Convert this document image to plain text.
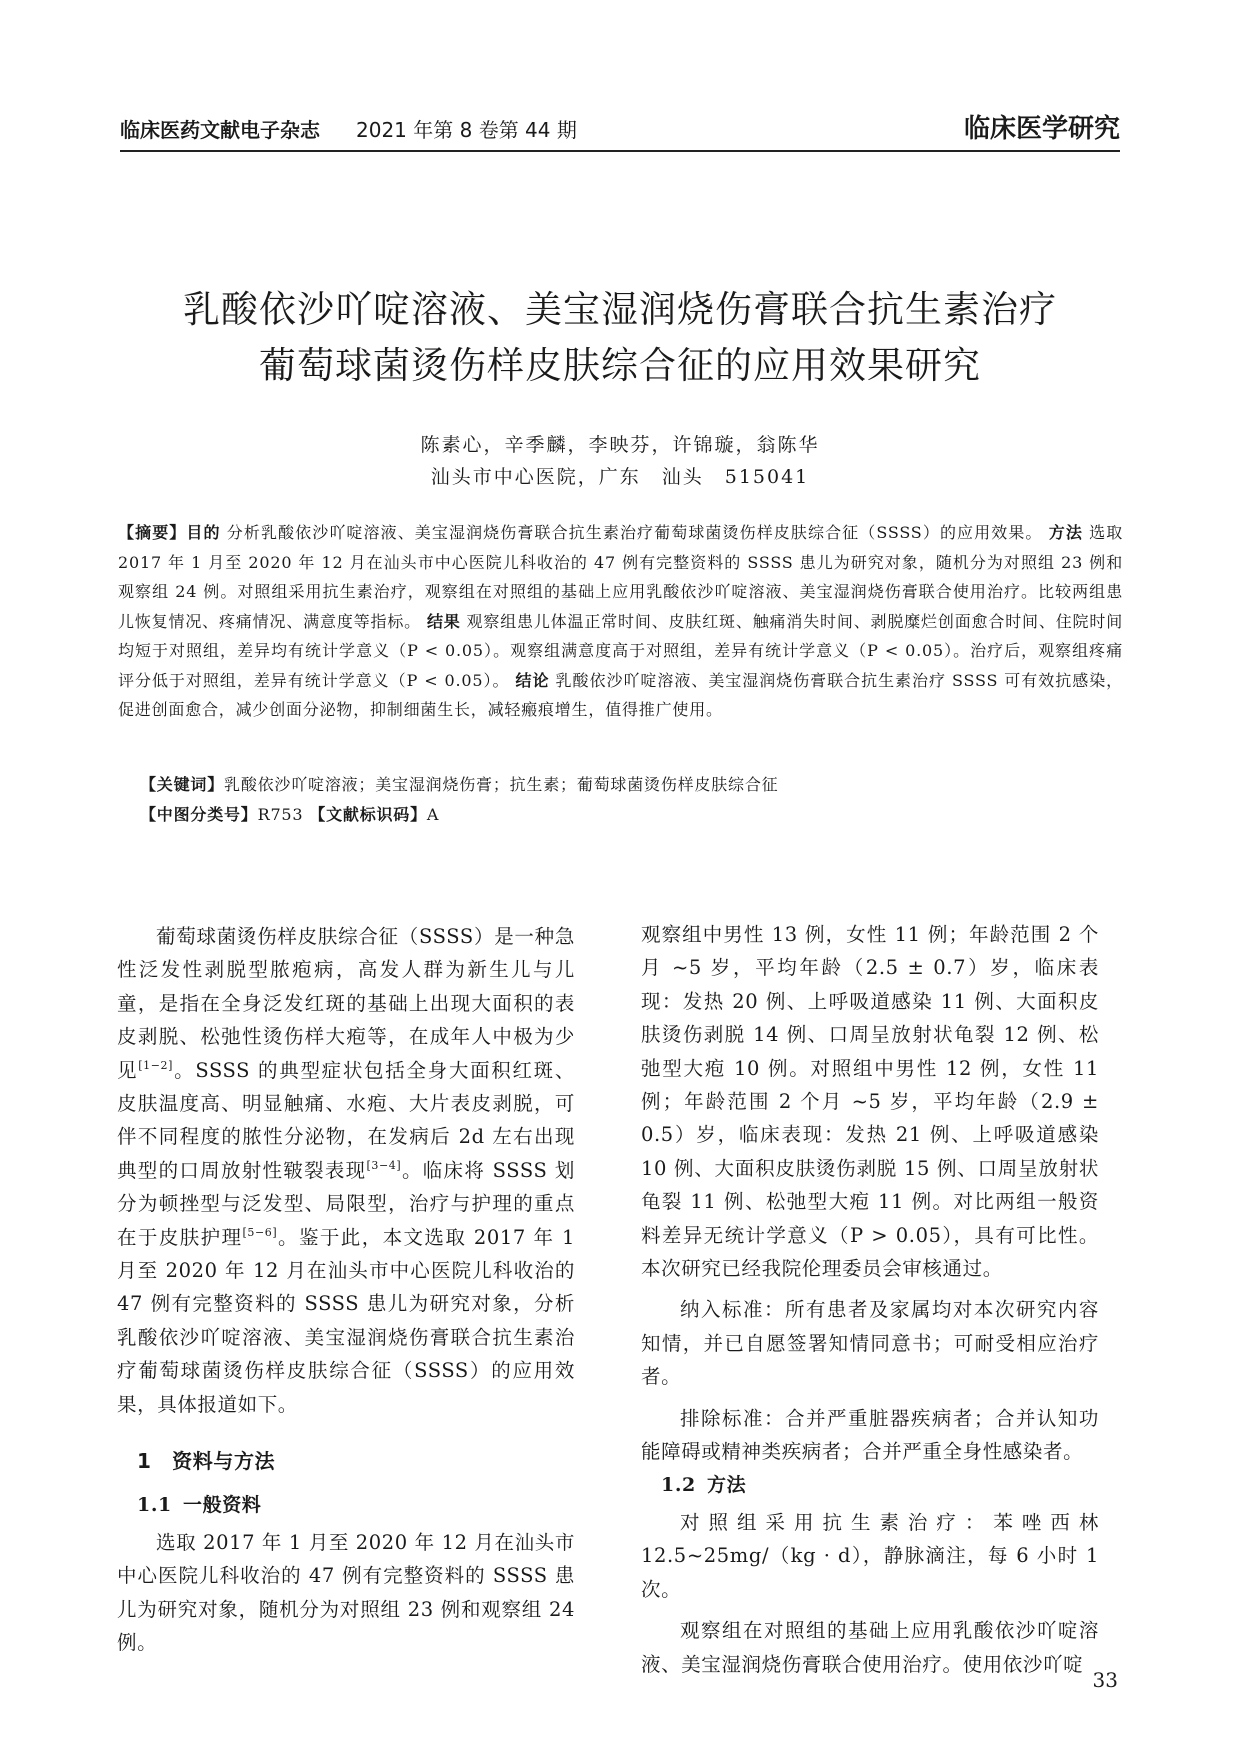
临床医药文献电子杂志 2021 年第 8 卷第 44 期	临床医学研究
乳酸依沙吖啶溶液、美宝湿润烧伤膏联合抗生素治疗
葡萄球菌烫伤样皮肤综合征的应用效果研究
陈素心，辛季麟，李映芬，许锦璇，翁陈华
汕头市中心医院，广东　汕头　515041

【摘要】目的 分析乳酸依沙吖啶溶液、美宝湿润烧伤膏联合抗生素治疗葡萄球菌烫伤样皮肤综合征（SSSS）的应用效果。 方法 选取 2017 年 1 月至 2020 年 12 月在汕头市中心医院儿科收治的 47 例有完整资料的 SSSS 患儿为研究对象，随机分为对照组 23 例和观察组 24 例。对照组采用抗生素治疗，观察组在对照组的基础上应用乳酸依沙吖啶溶液、美宝湿润烧伤膏联合使用治疗。比较两组患儿恢复情况、疼痛情况、满意度等指标。 结果 观察组患儿体温正常时间、皮肤红斑、触痛消失时间、剥脱糜烂创面愈合时间、住院时间均短于对照组，差异均有统计学意义（P < 0.05）。观察组满意度高于对照组，差异有统计学意义（P < 0.05）。治疗后，观察组疼痛评分低于对照组，差异有统计学意义（P < 0.05）。 结论 乳酸依沙吖啶溶液、美宝湿润烧伤膏联合抗生素治疗 SSSS 可有效抗感染，促进创面愈合，减少创面分泌物，抑制细菌生长，减轻瘢痕增生，值得推广使用。

【关键词】乳酸依沙吖啶溶液；美宝湿润烧伤膏；抗生素；葡萄球菌烫伤样皮肤综合征
【中图分类号】R753 【文献标识码】A

葡萄球菌烫伤样皮肤综合征（SSSS）是一种急性泛发性剥脱型脓疱病，高发人群为新生儿与儿童，是指在全身泛发红斑的基础上出现大面积的表皮剥脱、松弛性烫伤样大疱等，在成年人中极为少见[1−2]。SSSS 的典型症状包括全身大面积红斑、皮肤温度高、明显触痛、水疱、大片表皮剥脱，可伴不同程度的脓性分泌物，在发病后 2d 左右出现典型的口周放射性皲裂表现[3−4]。临床将 SSSS 划分为顿挫型与泛发型、局限型，治疗与护理的重点在于皮肤护理[5−6]。鉴于此，本文选取 2017 年 1 月至 2020 年 12 月在汕头市中心医院儿科收治的 47 例有完整资料的 SSSS 患儿为研究对象，分析乳酸依沙吖啶溶液、美宝湿润烧伤膏联合抗生素治疗葡萄球菌烫伤样皮肤综合征（SSSS）的应用效果，具体报道如下。

1　 资料与方法

1.1 一般资料

选取 2017 年 1 月至 2020 年 12 月在汕头市中心医院儿科收治的 47 例有完整资料的 SSSS 患儿为研究对象，随机分为对照组 23 例和观察组 24 例。

观察组中男性 13 例，女性 11 例；年龄范围 2 个月 ~5 岁，平均年龄（2.5 ± 0.7）岁，临床表现：发热 20 例、上呼吸道感染 11 例、大面积皮肤烫伤剥脱 14 例、口周呈放射状龟裂 12 例、松弛型大疱 10 例。对照组中男性 12 例，女性 11 例；年龄范围 2 个月 ~5 岁，平均年龄（2.9 ± 0.5）岁，临床表现：发热 21 例、上呼吸道感染 10 例、大面积皮肤烫伤剥脱 15 例、口周呈放射状龟裂 11 例、松弛型大疱 11 例。对比两组一般资料差异无统计学意义（P > 0.05），具有可比性。本次研究已经我院伦理委员会审核通过。

纳入标准：所有患者及家属均对本次研究内容知情，并已自愿签署知情同意书；可耐受相应治疗者。

排除标准：合并严重脏器疾病者；合并认知功能障碍或精神类疾病者；合并严重全身性感染者。

1.2 方法

对照组采用抗生素治疗：苯唑西林 12.5~25mg/（kg · d），静脉滴注，每 6 小时 1 次。

观察组在对照组的基础上应用乳酸依沙吖啶溶液、美宝湿润烧伤膏联合使用治疗。使用依沙吖啶

33
